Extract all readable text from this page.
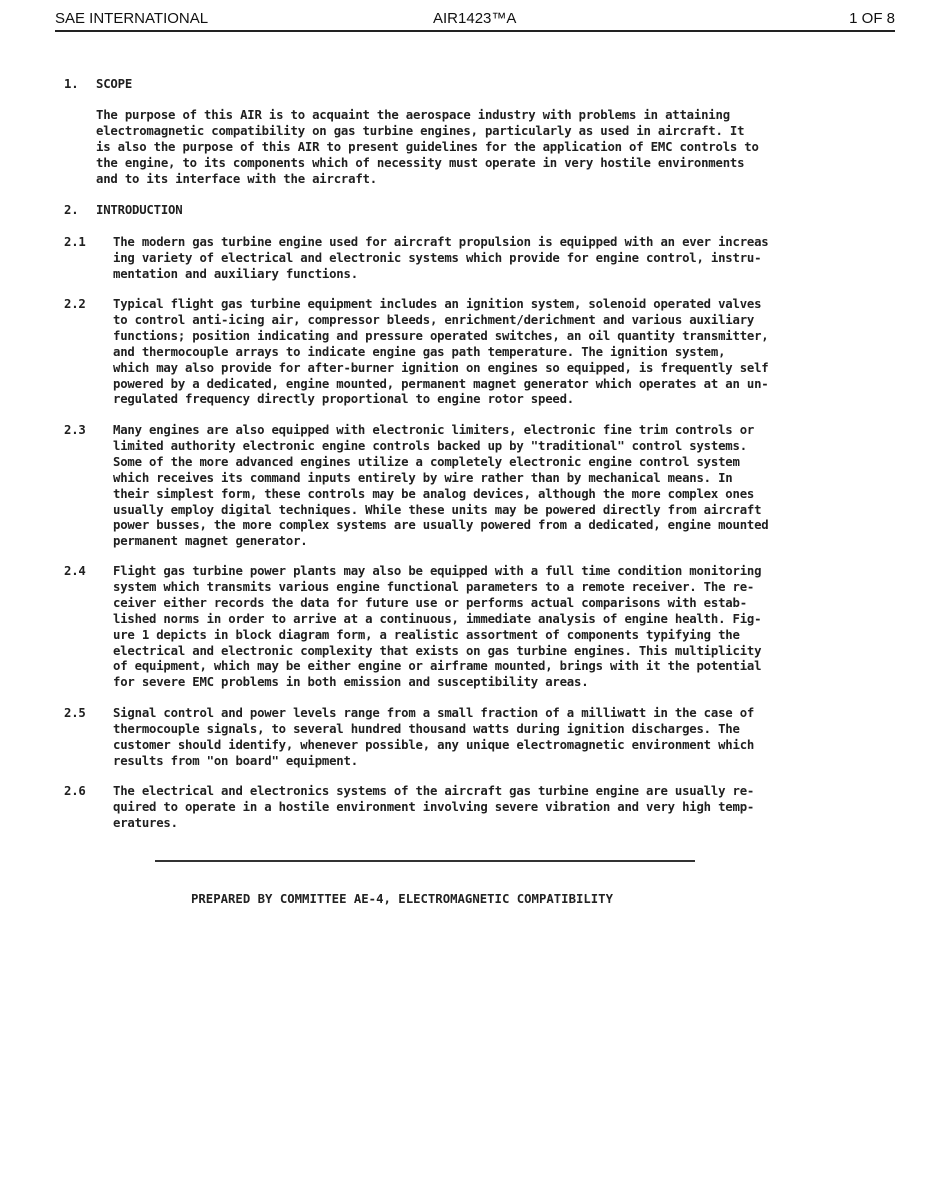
SAE INTERNATIONAL	AIR1423™A	1 OF 8
1. SCOPE

The purpose of this AIR is to acquaint the aerospace industry with problems in attaining
electromagnetic compatibility on gas turbine engines, particularly as used in aircraft. It
is also the purpose of this AIR to present guidelines for the application of EMC controls to
the engine, to its components which of necessity must operate in very hostile environments
and to its interface with the aircraft.

2. INTRODUCTION
2.1 The modern gas turbine engine used for aircraft propulsion is equipped with an ever increas
ing variety of electrical and electronic systems which provide for engine control, instru-
mentation and auxiliary functions.

2.2 Typical flight gas turbine equipment includes an ignition system, solenoid operated valves
to control anti-icing air, compressor bleeds, enrichment/derichment and various auxiliary
functions; position indicating and pressure operated switches, an oil quantity transmitter,
and thermocouple arrays to indicate engine gas path temperature. The ignition system,
which may also provide for after-burner ignition on engines so equipped, is frequently self
powered by a dedicated, engine mounted, permanent magnet generator which operates at an un-
regulated frequency directly proportional to engine rotor speed.

2.3 Many engines are also equipped with electronic limiters, electronic fine trim controls or
limited authority electronic engine controls backed up by "traditional" control systems.
Some of the more advanced engines utilize a completely electronic engine control system
which receives its command inputs entirely by wire rather than by mechanical means. In
their simplest form, these controls may be analog devices, although the more complex ones
usually employ digital techniques. While these units may be powered directly from aircraft
power busses, the more complex systems are usually powered from a dedicated, engine mounted
permanent magnet generator.

2.4 Flight gas turbine power plants may also be equipped with a full time condition monitoring
system which transmits various engine functional parameters to a remote receiver. The re-
ceiver either records the data for future use or performs actual comparisons with estab-
lished norms in order to arrive at a continuous, immediate analysis of engine health. Fig-
ure 1 depicts in block diagram form, a realistic assortment of components typifying the
electrical and electronic complexity that exists on gas turbine engines. This multiplicity
of equipment, which may be either engine or airframe mounted, brings with it the potential
for severe EMC problems in both emission and susceptibility areas.

2.5 Signal control and power levels range from a small fraction of a milliwatt in the case of
thermocouple signals, to several hundred thousand watts during ignition discharges. The
customer should identify, whenever possible, any unique electromagnetic environment which
results from "on board" equipment.

2.6 The electrical and electronics systems of the aircraft gas turbine engine are usually re-
quired to operate in a hostile environment involving severe vibration and very high temp-
eratures.

PREPARED BY COMMITTEE AE-4, ELECTROMAGNETIC COMPATIBILITY
